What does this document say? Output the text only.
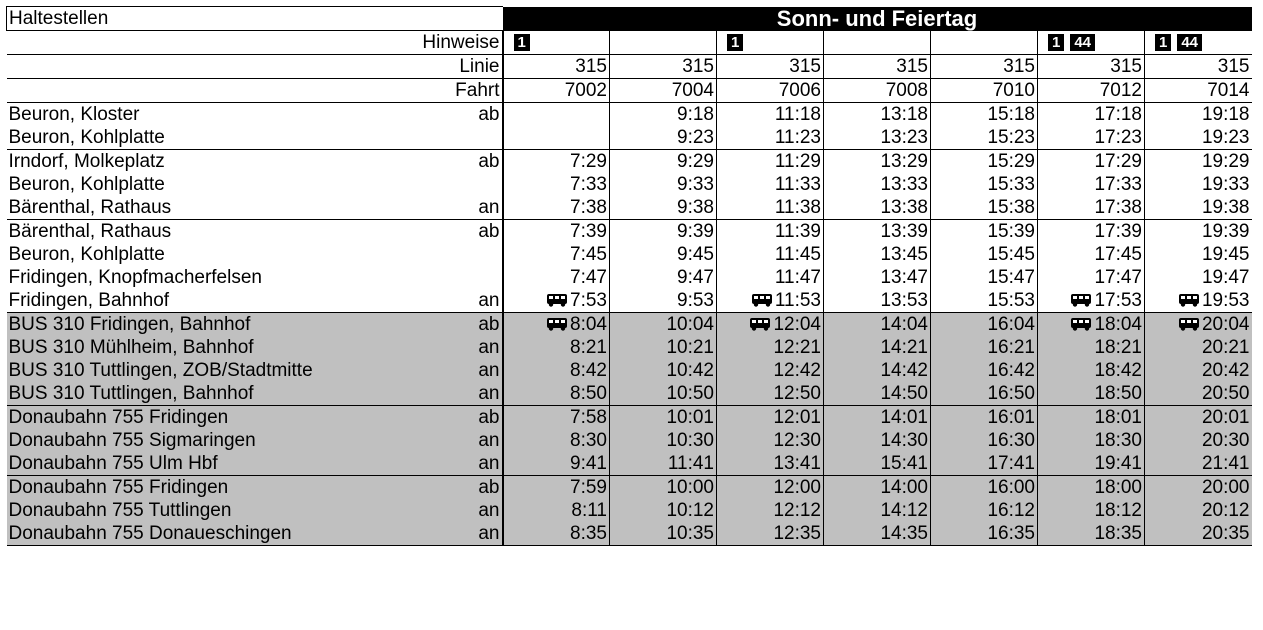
Haltestellen		Sonn- und Feiertag						
Hinweise		1		1			1 44	1 44
Linie		315	315	315	315	315	315	315
Fahrt		7002	7004	7006	7008	7010	7012	7014
Beuron, Kloster	ab		9:18	11:18	13:18	15:18	17:18	19:18
Beuron, Kohlplatte			9:23	11:23	13:23	15:23	17:23	19:23
Irndorf, Molkeplatz	ab	7:29	9:29	11:29	13:29	15:29	17:29	19:29
Beuron, Kohlplatte		7:33	9:33	11:33	13:33	15:33	17:33	19:33
Bärenthal, Rathaus	an	7:38	9:38	11:38	13:38	15:38	17:38	19:38
Bärenthal, Rathaus	ab	7:39	9:39	11:39	13:39	15:39	17:39	19:39
Beuron, Kohlplatte		7:45	9:45	11:45	13:45	15:45	17:45	19:45
Fridingen, Knopfmacherfelsen		7:47	9:47	11:47	13:47	15:47	17:47	19:47
Fridingen, Bahnhof	an	7:53	9:53	11:53	13:53	15:53	17:53	19:53
BUS 310 Fridingen, Bahnhof	ab	8:04	10:04	12:04	14:04	16:04	18:04	20:04
BUS 310 Mühlheim, Bahnhof	an	8:21	10:21	12:21	14:21	16:21	18:21	20:21
BUS 310 Tuttlingen, ZOB/Stadtmitte	an	8:42	10:42	12:42	14:42	16:42	18:42	20:42
BUS 310 Tuttlingen, Bahnhof	an	8:50	10:50	12:50	14:50	16:50	18:50	20:50
Donaubahn 755 Fridingen	ab	7:58	10:01	12:01	14:01	16:01	18:01	20:01
Donaubahn 755 Sigmaringen	an	8:30	10:30	12:30	14:30	16:30	18:30	20:30
Donaubahn 755 Ulm Hbf	an	9:41	11:41	13:41	15:41	17:41	19:41	21:41
Donaubahn 755 Fridingen	ab	7:59	10:00	12:00	14:00	16:00	18:00	20:00
Donaubahn 755 Tuttlingen	an	8:11	10:12	12:12	14:12	16:12	18:12	20:12
Donaubahn 755 Donaueschingen	an	8:35	10:35	12:35	14:35	16:35	18:35	20:35
